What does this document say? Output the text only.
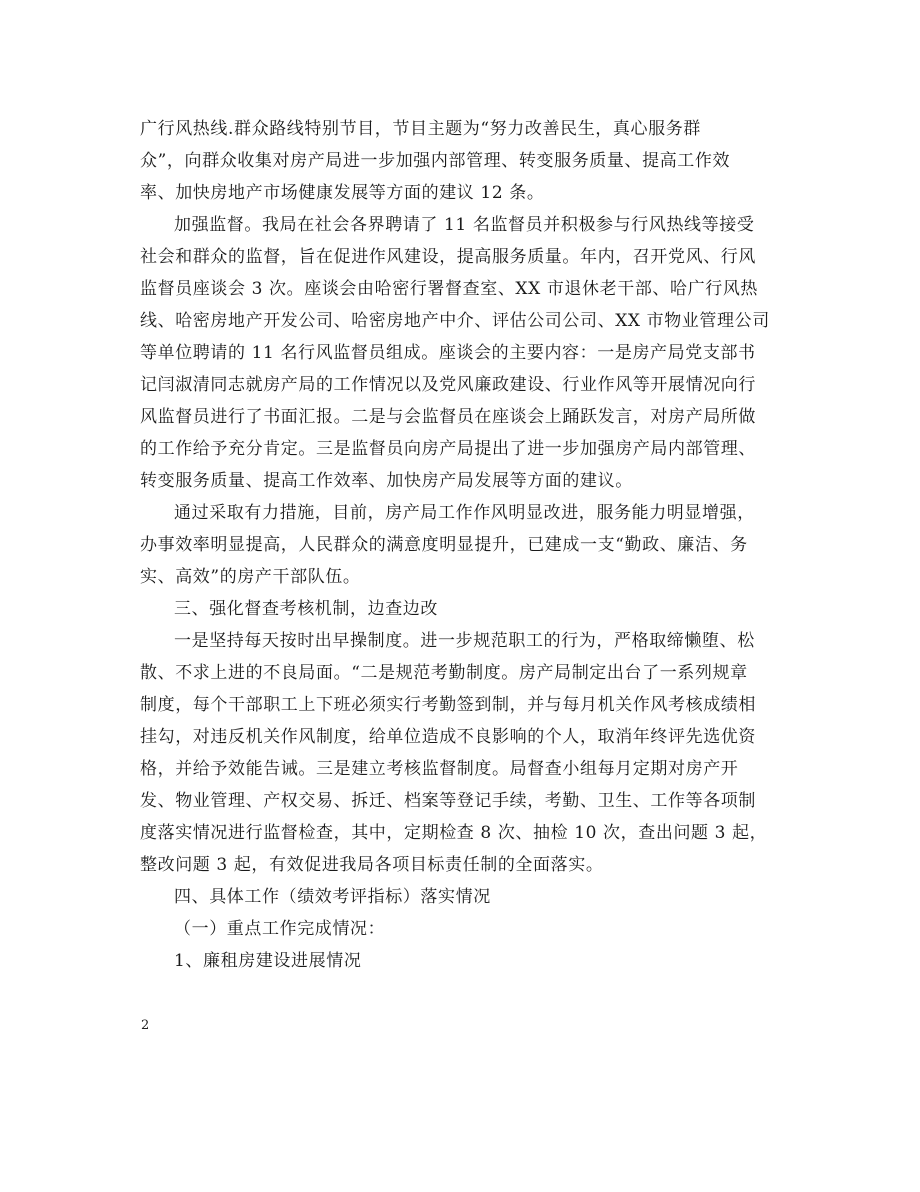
广行风热线.群众路线特别节目，节目主题为“努力改善民生，真心服务群
众”，向群众收集对房产局进一步加强内部管理、转变服务质量、提高工作效
率、加快房地产市场健康发展等方面的建议 12 条。
加强监督。我局在社会各界聘请了 11 名监督员并积极参与行风热线等接受
社会和群众的监督，旨在促进作风建设，提高服务质量。年内，召开党风、行风
监督员座谈会 3 次。座谈会由哈密行署督查室、XX 市退休老干部、哈广行风热
线、哈密房地产开发公司、哈密房地产中介、评估公司公司、XX 市物业管理公司
等单位聘请的 11 名行风监督员组成。座谈会的主要内容：一是房产局党支部书
记闫淑清同志就房产局的工作情况以及党风廉政建设、行业作风等开展情况向行
风监督员进行了书面汇报。二是与会监督员在座谈会上踊跃发言，对房产局所做
的工作给予充分肯定。三是监督员向房产局提出了进一步加强房产局内部管理、
转变服务质量、提高工作效率、加快房产局发展等方面的建议。
通过采取有力措施，目前，房产局工作作风明显改进，服务能力明显增强，
办事效率明显提高，人民群众的满意度明显提升，已建成一支“勤政、廉洁、务
实、高效”的房产干部队伍。
三、强化督查考核机制，边查边改
一是坚持每天按时出早操制度。进一步规范职工的行为，严格取缔懒堕、松
散、不求上进的不良局面。“二是规范考勤制度。房产局制定出台了一系列规章
制度，每个干部职工上下班必须实行考勤签到制，并与每月机关作风考核成绩相
挂勾，对违反机关作风制度，给单位造成不良影响的个人，取消年终评先选优资
格，并给予效能告诫。三是建立考核监督制度。局督查小组每月定期对房产开
发、物业管理、产权交易、拆迁、档案等登记手续，考勤、卫生、工作等各项制
度落实情况进行监督检查，其中，定期检查 8 次、抽检 10 次，查出问题 3 起，
整改问题 3 起，有效促进我局各项目标责任制的全面落实。
四、具体工作（绩效考评指标）落实情况
（一）重点工作完成情况：
1、廉租房建设进展情况
2
